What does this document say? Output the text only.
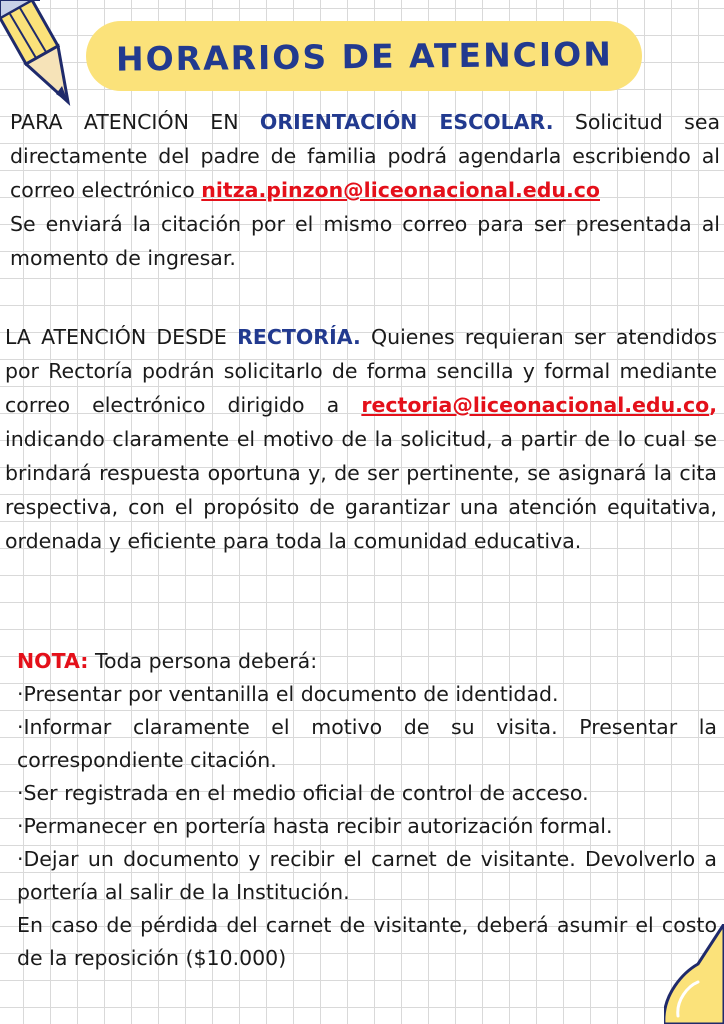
HORARIOS DE ATENCION
PARA ATENCIÓN EN ORIENTACIÓN ESCOLAR. Solicitud sea directamente del padre de familia podrá agendarla escribiendo al correo electrónico nitza.pinzon@liceonacional.edu.co
Se enviará la citación por el mismo correo para ser presentada al momento de ingresar.
LA ATENCIÓN DESDE RECTORÍA. Quienes requieran ser atendidos por Rectoría podrán solicitarlo de forma sencilla y formal mediante correo electrónico dirigido a rectoria@liceonacional.edu.co, indicando claramente el motivo de la solicitud, a partir de lo cual se brindará respuesta oportuna y, de ser pertinente, se asignará la cita respectiva, con el propósito de garantizar una atención equitativa, ordenada y eficiente para toda la comunidad educativa.
NOTA: Toda persona deberá:
·Presentar por ventanilla el documento de identidad.
·Informar claramente el motivo de su visita. Presentar la correspondiente citación.
·Ser registrada en el medio oficial de control de acceso.
·Permanecer en portería hasta recibir autorización formal.
·Dejar un documento y recibir el carnet de visitante. Devolverlo a portería al salir de la Institución.
En caso de pérdida del carnet de visitante, deberá asumir el costo de la reposición ($10.000)
